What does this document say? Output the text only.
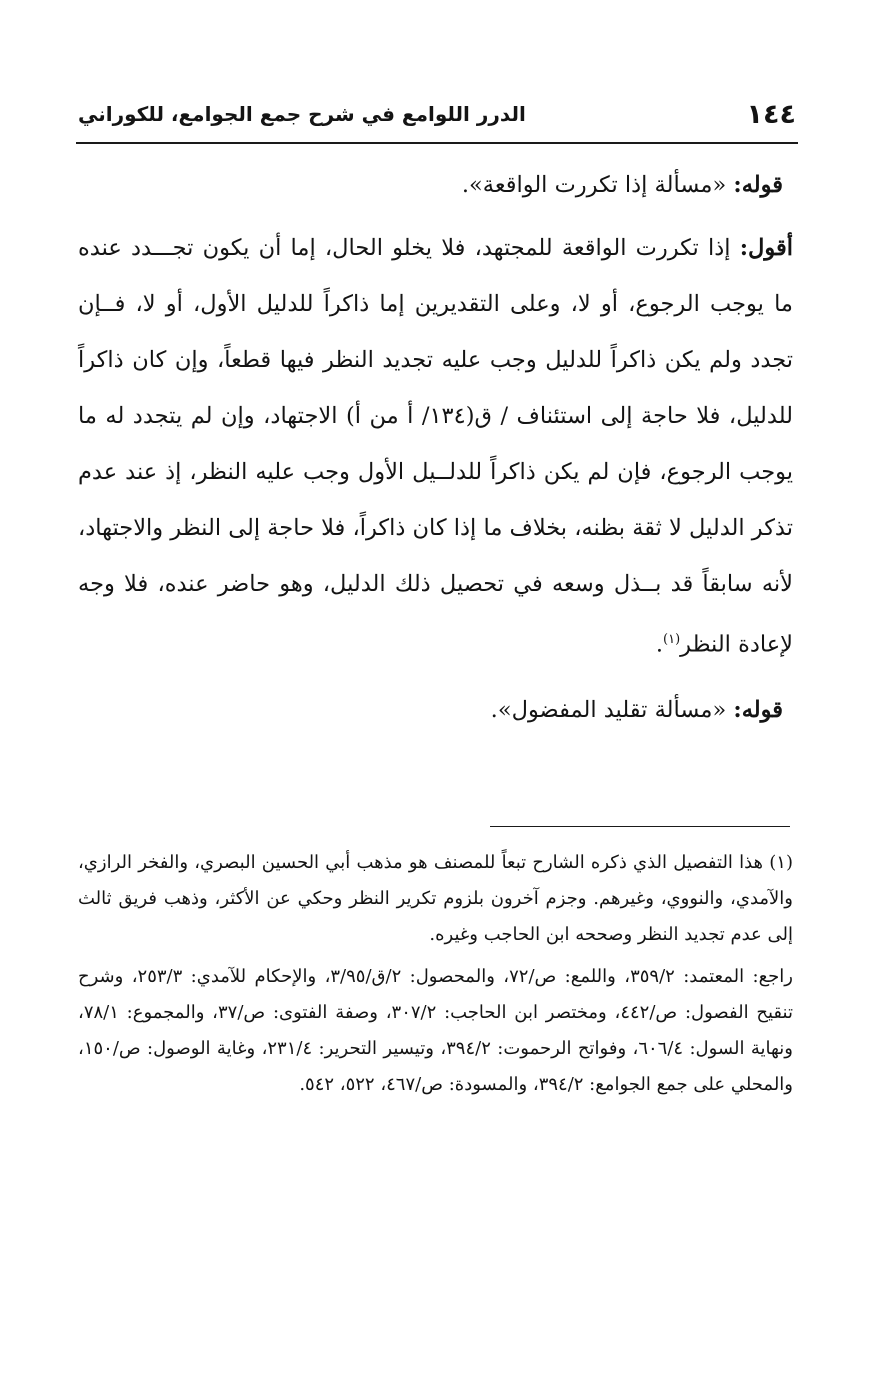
١٤٤
الدرر اللوامع في شرح جمع الجوامع، للكوراني
قوله: «مسألة إذا تكررت الواقعة».
أقول: إذا تكررت الواقعة للمجتهد، فلا يخلو الحال، إما أن يكون تجـــدد عنده ما يوجب الرجوع، أو لا، وعلى التقديرين إما ذاكراً للدليل الأول، أو لا، فــإن تجدد ولم يكن ذاكراً للدليل وجب عليه تجديد النظر فيها قطعاً، وإن كان ذاكراً للدليل، فلا حاجة إلى استئناف / ق(١٣٤/ أ من أ) الاجتهاد، وإن لم يتجدد له ما يوجب الرجوع، فإن لم يكن ذاكراً للدلــيل الأول وجب عليه النظر، إذ عند عدم تذكر الدليل لا ثقة بظنه، بخلاف ما إذا كان ذاكراً، فلا حاجة إلى النظر والاجتهاد، لأنه سابقاً قد بــذل وسعه في تحصيل ذلك الدليل، وهو حاضر عنده، فلا وجه لإعادة النظر$^{(١)}$.
قوله: «مسألة تقليد المفضول».
(١) هذا التفصيل الذي ذكره الشارح تبعاً للمصنف هو مذهب أبي الحسين البصري، والفخر الرازي، والآمدي، والنووي، وغيرهم. وجزم آخرون بلزوم تكرير النظر وحكي عن الأكثر، وذهب فريق ثالث إلى عدم تجديد النظر وصححه ابن الحاجب وغيره.
راجع: المعتمد: ٣٥٩/٢، واللمع: ص/٧٢، والمحصول: ٢/ق/٣/٩٥، والإحكام للآمدي: ٢٥٣/٣، وشرح تنقيح الفصول: ص/٤٤٢، ومختصر ابن الحاجب: ٣٠٧/٢، وصفة الفتوى: ص/٣٧، والمجموع: ٧٨/١، ونهاية السول: ٦٠٦/٤، وفواتح الرحموت: ٣٩٤/٢، وتيسير التحرير: ٢٣١/٤، وغاية الوصول: ص/١٥٠، والمحلي على جمع الجوامع: ٣٩٤/٢، والمسودة: ص/٤٦٧، ٥٢٢، ٥٤٢.
